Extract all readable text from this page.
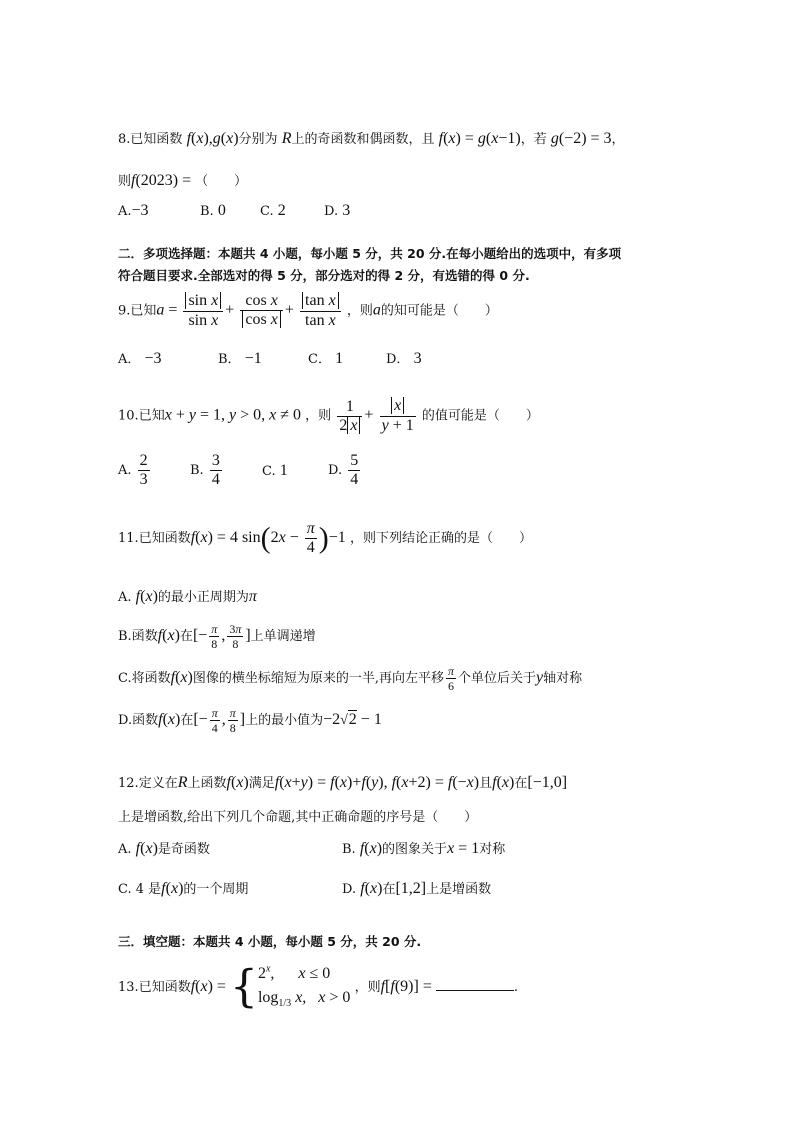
8.已知函数 f(x),g(x)分别为 R上的奇函数和偶函数，且 f(x) = g(x−1)，若 g(−2) = 3，
则f(2023) = （　　）
A.−3	B. 0	C. 2	D. 3
二．多项选择题：本题共 4 小题，每小题 5 分，共 20 分.在每小题给出的选项中，有多项
符合题目要求.全部选对的得 5 分，部分选对的得 2 分，有选错的得 0 分.
9.已知$a = \frac{\text{sin x}}{\text{sin x}} + \frac{\text{cos x}}{\text{cos x}} + \frac{\text{tan x}}{\text{tan x}}$ ，则a的知可能是（　　）
A． −3	B． −1	C． 1	D． 3
10.已知x + y = 1, y > 0, x ≠ 0 ，则 $\frac{1}{2 x} + \frac{x}{y + 1}$ 的值可能是（　　）
A. $\frac{2}{3}$	B. $\frac{3}{4}$	C. 1	D. $\frac{5}{4}$
11.已知函数f(x) = 4 $\sin(2x - \frac{\pi}{4} )-1$ ，则下列结论正确的是（　　）
A. f(x)的最小正周期为π
B.函数f(x)在[− $\frac{\pi}{8}$ , $\frac{3\pi}{8}$ ]上单调递增
C.将函数f(x)图像的横坐标缩短为原来的一半,再向左平移 $\frac{\pi}{6}$ 个单位后关于y轴对称
D.函数f(x)在[− $\frac{\pi}{4}$ , $\frac{\pi}{8}$ ]上的最小值为−2√2 − 1
12.定义在R上函数f(x)满足f(x+y) = f(x)+f(y), f(x+2) = f(−x)且f(x)在[−1,0]
上是增函数,给出下列几个命题,其中正确命题的序号是（　　）
A. f(x)是奇函数	B. f(x)的图象关于x = 1对称
C. 4 是f(x)的一个周期	D. f(x)在[1,2]上是增函数
三．填空题：本题共 4 小题，每小题 5 分，共 20 分.
13.已知函数$f(x) = \{2^x$,      x ≤ 0
$\log_{1/3} x$,   x > 0 ，则f[f(9)] =	.
